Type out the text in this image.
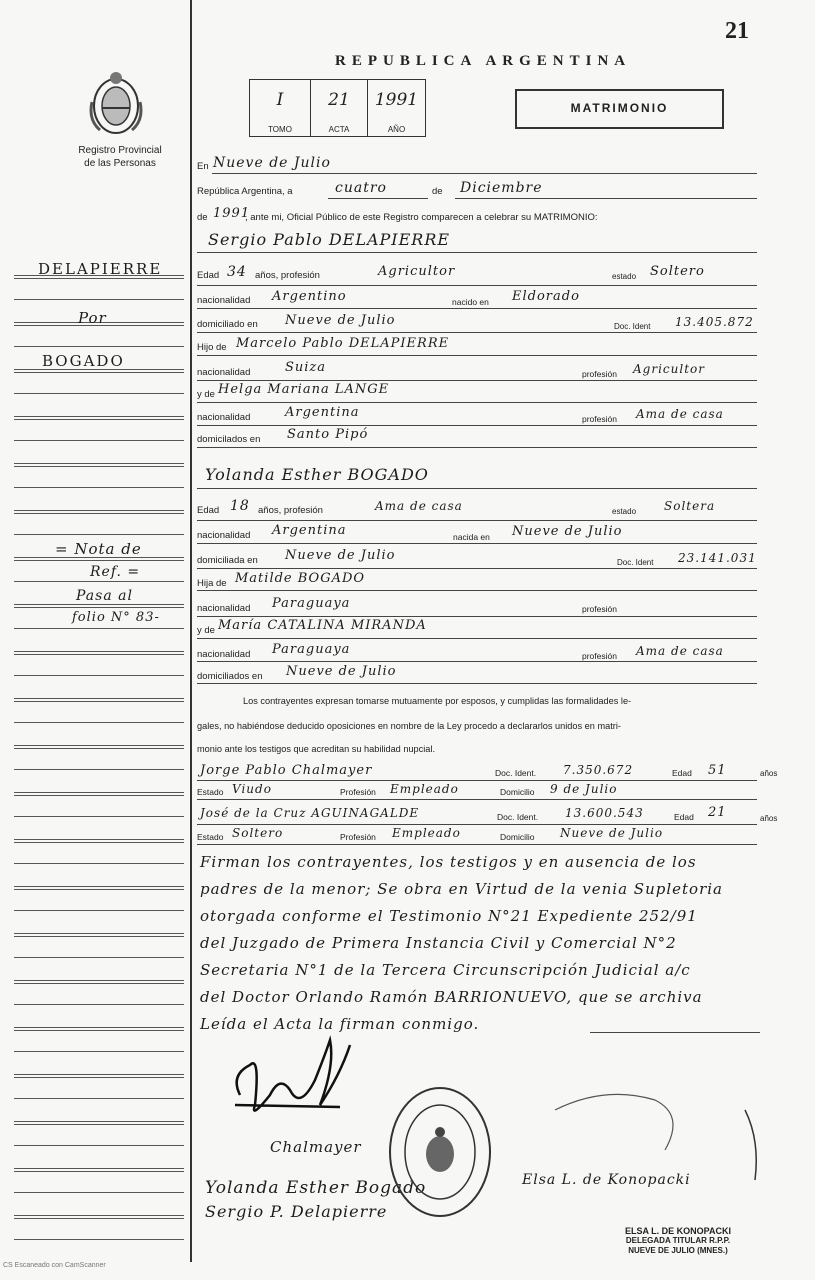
21
REPUBLICA ARGENTINA
Registro Provincial
de las Personas
I
TOMO
21
ACTA
1991
AÑO
MATRIMONIO
DELAPIERRE
Por
BOGADO
= Nota de
Ref. =
Pasa al
folio N° 83-
En Nueve de Julio
República Argentina, a	cuatro	de Diciembre
de 1991
, ante mi, Oficial Público de este Registro comparecen a celebrar su MATRIMONIO:
Sergio Pablo DELAPIERRE
Edad 34 años, profesión	Agricultor	estado Soltero
nacionalidad Argentino	nacido en Eldorado
domiciliado en Nueve de Julio	Doc. Ident 13.405.872
Hijo de Marcelo Pablo DELAPIERRE
nacionalidad	Suiza	profesión Agricultor
y de Helga Mariana LANGE
nacionalidad	Argentina	profesión Ama de casa
domicilados en Santo Pipó
Yolanda Esther BOGADO
Edad 18 años, profesión	Ama de casa	estado Soltera
nacionalidad Argentina	nacida en Nueve de Julio
domiciliada en Nueve de Julio	Doc. Ident 23.141.031
Hija de Matilde BOGADO
nacionalidad Paraguaya	profesión
y de María CATALINA MIRANDA
nacionalidad Paraguaya	profesión Ama de casa
domiciliados en Nueve de Julio
Los contrayentes expresan tomarse mutuamente por esposos, y cumplidas las formalidades le-
gales, no habiéndose deducido oposiciones en nombre de la Ley procedo a declararlos unidos en matri-
monio ante los testigos que acreditan su habilidad nupcial.
Jorge Pablo Chalmayer	Doc. Ident. 7.350.672	Edad 51	años
Estado Viudo	Profesión Empleado	Domicilio 9 de Julio
José de la Cruz AGUINAGALDE	Doc. Ident. 13.600.543	Edad 21	años
Estado Soltero	Profesión Empleado	Domicilio Nueve de Julio
Firman los contrayentes, los testigos y en ausencia de los
padres de la menor; Se obra en Virtud de la venia Supletoria
otorgada conforme el Testimonio N°21 Expediente 252/91
del Juzgado de Primera Instancia Civil y Comercial N°2
Secretaria N°1 de la Tercera Circunscripción Judicial a/c
del Doctor Orlando Ramón BARRIONUEVO, que se archiva
Leída el Acta la firman conmigo.
Chalmayer
Yolanda Esther Bogado
Sergio P. Delapierre
Elsa L. de Konopacki
ELSA L. DE KONOPACKI
DELEGADA TITULAR R.P.P.
NUEVE DE JULIO (MNES.)
CS Escaneado con CamScanner
